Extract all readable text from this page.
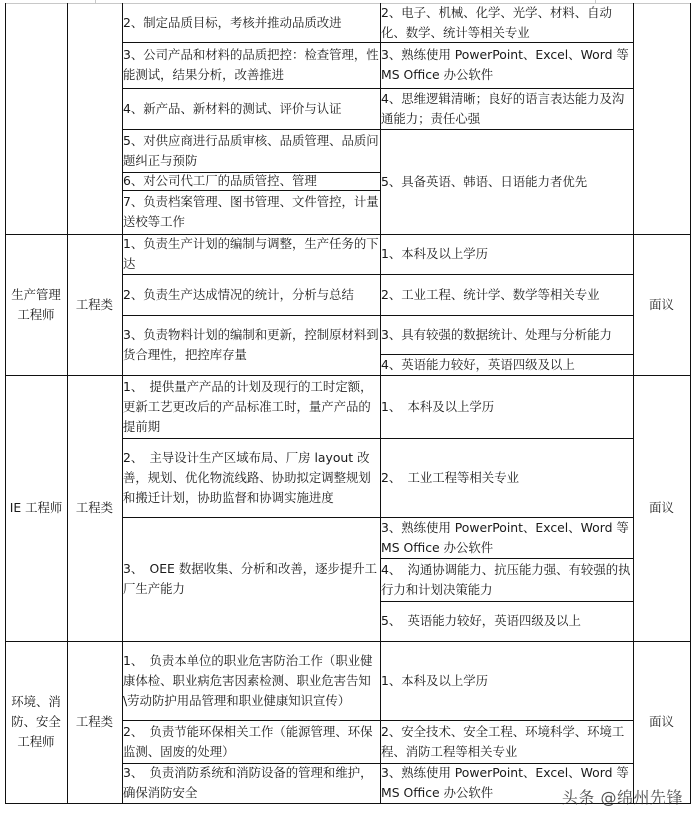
2、制定品质目标，考核并推动品质改进
3、公司产品和材料的品质把控：检查管理，性能测试，结果分析，改善推进
4、新产品、新材料的测试、评价与认证
5、对供应商进行品质审核、品质管理、品质问题纠正与预防
6、对公司代工厂的品质管控、管理
7、负责档案管理、图书管理、文件管控，计量送校等工作
2、电子、机械、化学、光学、材料、自动化、数学、统计等相关专业
3、熟练使用 PowerPoint、Excel、Word 等 MS Office 办公软件
4、思维逻辑清晰；良好的语言表达能力及沟通能力；责任心强
5、具备英语、韩语、日语能力者优先
生产管理工程师
工程类
1、负责生产计划的编制与调整，生产任务的下达
2、负责生产达成情况的统计，分析与总结
3、负责物料计划的编制和更新，控制原材料到货合理性，把控库存量
1、本科及以上学历
2、工业工程、统计学、数学等相关专业
3、具有较强的数据统计、处理与分析能力
4、英语能力较好，英语四级及以上
面议
IE 工程师 工程类
1、　提供量产产品的计划及现行的工时定额，更新工艺更改后的产品标准工时，量产产品的提前期
2、　主导设计生产区域布局、厂房 layout 改善，规划、优化物流线路、协助拟定调整规划和搬迁计划，协助监督和协调实施进度
3、　OEE 数据收集、分析和改善，逐步提升工厂生产能力
1、　本科及以上学历
2、　工业工程等相关专业
3、熟练使用 PowerPoint、Excel、Word 等 MS Office 办公软件
4、　沟通协调能力、抗压能力强、有较强的执行力和计划决策能力
5、　英语能力较好，英语四级及以上
面议
环境、消防、安全工程师
工程类
1、　负责本单位的职业危害防治工作（职业健康体检、职业病危害因素检测、职业危害告知\劳动防护用品管理和职业健康知识宣传）
2、　负责节能环保相关工作（能源管理、环保监测、固废的处理）
3、　负责消防系统和消防设备的管理和维护，确保消防安全
1、本科及以上学历
2、安全技术、安全工程、环境科学、环境工程、消防工程等相关专业
3、熟练使用 PowerPoint、Excel、Word 等 MS Office 办公软件
面议
头条 @绵州先锋
